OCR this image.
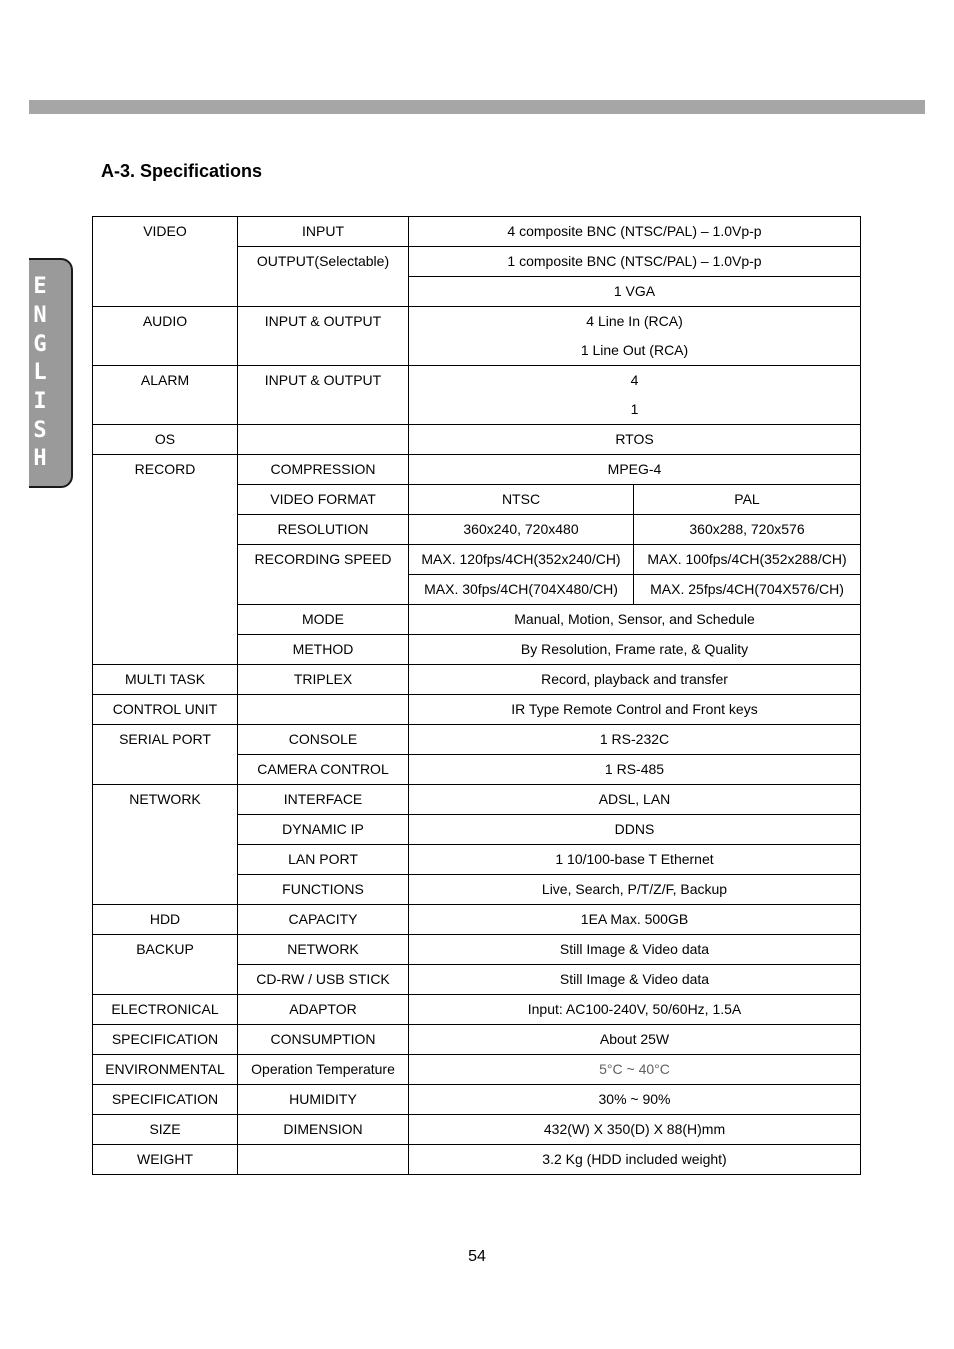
E
N
G
L
I
S
H
A-3. Specifications
VIDEO	INPUT	4 composite BNC (NTSC/PAL) – 1.0Vp-p	
	OUTPUT(Selectable)	1 composite BNC (NTSC/PAL) – 1.0Vp-p	
		1 VGA	
AUDIO	INPUT & OUTPUT	4 Line In (RCA)
1 Line Out (RCA)	

ALARM	INPUT & OUTPUT	4
1	

OS		RTOS	
RECORD	COMPRESSION	MPEG-4	
	VIDEO FORMAT	NTSC	PAL
	RESOLUTION	360x240, 720x480	360x288, 720x576
	RECORDING SPEED	MAX. 120fps/4CH(352x240/CH)	MAX. 100fps/4CH(352x288/CH)
		MAX. 30fps/4CH(704X480/CH)	MAX. 25fps/4CH(704X576/CH)
	MODE	Manual, Motion, Sensor, and Schedule	
	METHOD	By Resolution, Frame rate, & Quality	
MULTI TASK	TRIPLEX	Record, playback and transfer	
CONTROL UNIT		IR Type Remote Control and Front keys	
SERIAL PORT	CONSOLE	1 RS-232C	
	CAMERA CONTROL	1 RS-485	
NETWORK	INTERFACE	ADSL, LAN	
	DYNAMIC IP	DDNS	
	LAN PORT	1 10/100-base T Ethernet	
	FUNCTIONS	Live, Search, P/T/Z/F, Backup	
HDD	CAPACITY	1EA Max. 500GB	
BACKUP	NETWORK	Still Image & Video data	
	CD-RW / USB STICK	Still Image & Video data	
ELECTRONICAL	ADAPTOR	Input: AC100-240V, 50/60Hz, 1.5A	
SPECIFICATION	CONSUMPTION	About 25W	
ENVIRONMENTAL	Operation Temperature	5°C ~ 40°C	
SPECIFICATION	HUMIDITY	30% ~ 90%	
SIZE	DIMENSION	432(W) X 350(D) X 88(H)mm	
WEIGHT		3.2 Kg (HDD included weight)	
54
